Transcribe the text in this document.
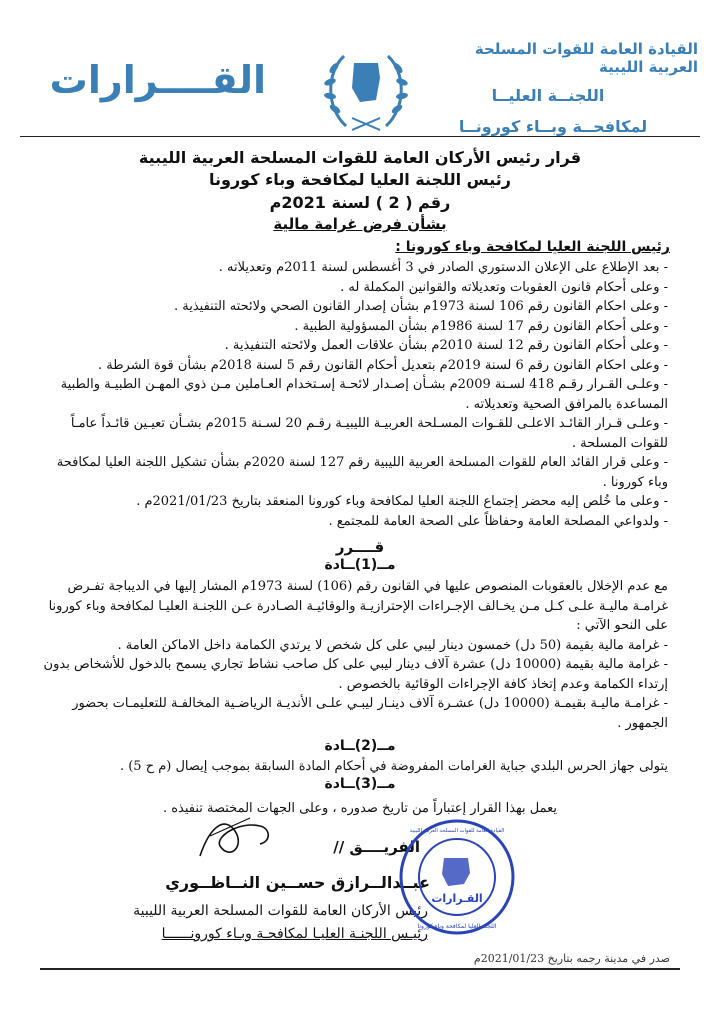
القــــرارات
القيادة العامة للقوات المسلحة العربية الليبية
اللجنــة العليــا
لمكافحــة وبــاء كورونــا
قرار رئيس الأركان العامة للقوات المسلحة العربية الليبية
رئيس اللجنة العليا لمكافحة وباء كورونا
رقم ( 2 ) لسنة 2021م
بشأن فرض غرامة مالية
رئيس اللجنة العليا لمكافحة وباء كورونا :

- بعد الإطلاع على الإعلان الدستوري الصادر في 3 أغسطس لسنة 2011م وتعديلاته .

- وعلى أحكام قانون العقوبات وتعديلاته والقوانين المكملة له .

- وعلى احكام القانون رقم 106 لسنة 1973م بشأن إصدار القانون الصحي ولائحته التنفيذية .

- وعلى أحكام القانون رقم 17 لسنة 1986م بشأن المسؤولية الطبية .

- وعلى أحكام القانون رقم 12 لسنة 2010م بشأن علاقات العمل ولائحته التنفيذية .

- وعلى احكام القانون رقم 6 لسنة 2019م بتعديل أحكام القانون رقم 5 لسنة 2018م بشأن قوة الشرطة .

- وعلـى القـرار رقـم 418 لسـنة 2009م بشـأن إصـدار لائحـة إسـتخدام العـاملين مـن ذوي المهـن الطبيـة والطبية المساعدة بالمرافق الصحية وتعديلاته .

- وعلـى قـرار القائـد الاعلـى للقـوات المسـلحة العربيـة الليبيـة رقـم 20 لسـنة 2015م بشـأن تعيـين قائـداً عامـاً للقوات المسلحة .

- وعلى قرار القائد العام للقوات المسلحة العربية الليبية رقم 127 لسنة 2020م بشأن تشكيل اللجنة العليا لمكافحة وباء كورونا .

- وعلى ما خُلص إليه محضر إجتماع اللجنة العليا لمكافحة وباء كورونا المنعقد بتاريخ 2021/01/23م .

- ولدواعي المصلحة العامة وحفاظاً على الصحة العامة للمجتمع .

قــــرر
مــ(1)ــادة

مع عدم الإخلال بالعقوبات المنصوص عليها في القانون رقم (106) لسنة 1973م المشار إليها في الديباجة تفـرض غرامـة ماليـة علـى كـل مـن يخـالف الإجـراءات الإحترازيـة والوقائيـة الصـادرة عـن اللجنـة العليـا لمكافحة وباء كورونا على النحو الآتي :

- غرامة مالية بقيمة (50 دل) خمسون دينار ليبي على كل شخص لا يرتدي الكمامة داخل الاماكن العامة .

- غرامة مالية بقيمة (10000 دل) عشرة آلاف دينار ليبي على كل صاحب نشاط تجاري يسمح بالدخول للأشخاص بدون إرتداء الكمامة وعدم إتخاذ كافة الإجراءات الوقائية بالخصوص .

- غرامـة ماليـة بقيمـة (10000 دل) عشـرة آلاف دينـار ليبـي علـى الأنديـة الرياضـية المخالفـة للتعليمـات بحضور الجمهور .

مــ(2)ــادة
يتولى جهاز الحرس البلدي جباية الغرامات المفروضة في أحكام المادة السابقة بموجب إيصال (م ح 5) .
مــ(3)ــادة
يعمل بهذا القرار إعتباراً من تاريخ صدوره ، وعلى الجهات المختصة تنفيذه .
الفريــــق //
عبــدالــرازق حســين النــاظــوري
رئيس الأركان العامة للقوات المسلحة العربية الليبية
رئيـس اللجنـة العليـا لمكافحـة وبـاء كورونــــــا
القـرارات
القيادة العامة للقوات المسلحة العربية الليبية
اللجنة العليا لمكافحة وباء كورونا
صدر في مدينة رجمه بتاريخ 2021/01/23م
